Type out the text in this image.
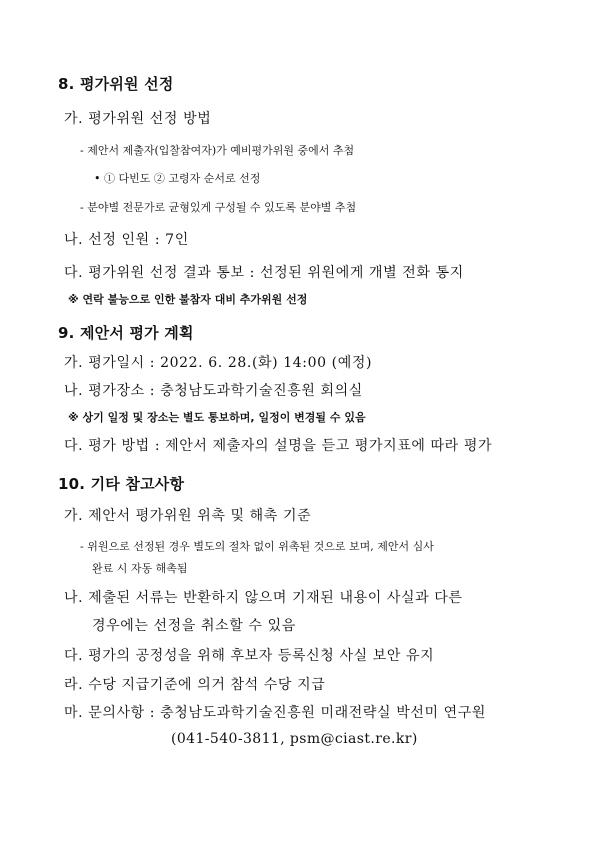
8. 평가위원 선정
가. 평가위원 선정 방법
- 제안서 제출자(입찰참여자)가 예비평가위원 중에서 추첨
• ① 다빈도 ② 고령자 순서로 선정
- 분야별 전문가로 균형있게 구성될 수 있도록 분야별 추첨
나. 선정 인원 : 7인
다. 평가위원 선정 결과 통보 : 선정된 위원에게 개별 전화 통지
※ 연락 불능으로 인한 불참자 대비 추가위원 선정
9. 제안서 평가 계획
가. 평가일시 : 2022. 6. 28.(화) 14:00 (예정)
나. 평가장소 : 충청남도과학기술진흥원 회의실
※ 상기 일정 및 장소는 별도 통보하며, 일정이 변경될 수 있음
다. 평가 방법 : 제안서 제출자의 설명을 듣고 평가지표에 따라 평가
10. 기타 참고사항
가. 제안서 평가위원 위촉 및 해촉 기준
- 위원으로 선정된 경우 별도의 절차 없이 위촉된 것으로 보며, 제안서 심사
완료 시 자동 해촉됨
나. 제출된 서류는 반환하지 않으며 기재된 내용이 사실과 다른
경우에는 선정을 취소할 수 있음
다. 평가의 공정성을 위해 후보자 등록신청 사실 보안 유지
라. 수당 지급기준에 의거 참석 수당 지급
마. 문의사항 : 충청남도과학기술진흥원 미래전략실 박선미 연구원
(041-540-3811, psm@ciast.re.kr)
